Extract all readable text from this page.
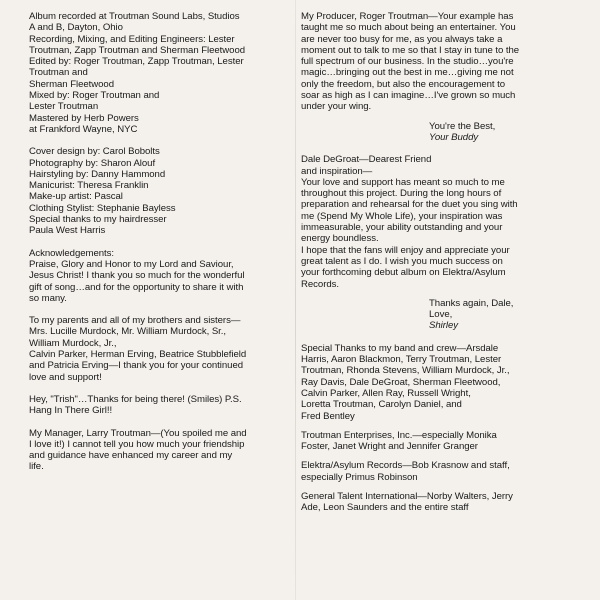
Album recorded at Troutman Sound Labs, Studios

A and B, Dayton, Ohio

Recording, Mixing, and Editing Engineers: Lester

Troutman, Zapp Troutman and Sherman Fleetwood

Edited by: Roger Troutman, Zapp Troutman, Lester

Troutman and

Sherman Fleetwood

Mixed by: Roger Troutman and

Lester Troutman

Mastered by Herb Powers

at Frankford Wayne, NYC

Cover design by: Carol Bobolts

Photography by: Sharon Alouf

Hairstyling by: Danny Hammond

Manicurist: Theresa Franklin

Make-up artist: Pascal

Clothing Stylist: Stephanie Bayless

Special thanks to my hairdresser

Paula West Harris

Acknowledgements:

Praise, Glory and Honor to my Lord and Saviour,

Jesus Christ! I thank you so much for the wonderful

gift of song…and for the opportunity to share it with

so many.

To my parents and all of my brothers and sisters—

Mrs. Lucille Murdock, Mr. William Murdock, Sr.,

William Murdock, Jr.,

Calvin Parker, Herman Erving, Beatrice Stubblefield

and Patricia Erving—I thank you for your continued

love and support!

Hey, "Trish"…Thanks for being there! (Smiles) P.S.

Hang In There Girl!!

My Manager, Larry Troutman—(You spoiled me and

I love it!) I cannot tell you how much your friendship

and guidance have enhanced my career and my

life.

My Producer, Roger Troutman—Your example has

taught me so much about being an entertainer. You

are never too busy for me, as you always take a

moment out to talk to me so that I stay in tune to the

full spectrum of our business. In the studio…you're

magic…bringing out the best in me…giving me not

only the freedom, but also the encouragement to

soar as high as I can imagine…I've grown so much

under your wing.

You're the Best,

Your Buddy

Dale DeGroat—Dearest Friend

and inspiration—

Your love and support has meant so much to me

throughout this project. During the long hours of

preparation and rehearsal for the duet you sing with

me (Spend My Whole Life), your inspiration was

immeasurable, your ability outstanding and your

energy boundless.

I hope that the fans will enjoy and appreciate your

great talent as I do. I wish you much success on

your forthcoming debut album on Elektra/Asylum

Records.

Thanks again, Dale,

Love,

Shirley

Special Thanks to my band and crew—Arsdale

Harris, Aaron Blackmon, Terry Troutman, Lester

Troutman, Rhonda Stevens, William Murdock, Jr.,

Ray Davis, Dale DeGroat, Sherman Fleetwood,

Calvin Parker, Allen Ray, Russell Wright,

Loretta Troutman, Carolyn Daniel, and

Fred Bentley

Troutman Enterprises, Inc.—especially Monika

Foster, Janet Wright and Jennifer Granger

Elektra/Asylum Records—Bob Krasnow and staff,

especially Primus Robinson

General Talent International—Norby Walters, Jerry

Ade, Leon Saunders and the entire staff
